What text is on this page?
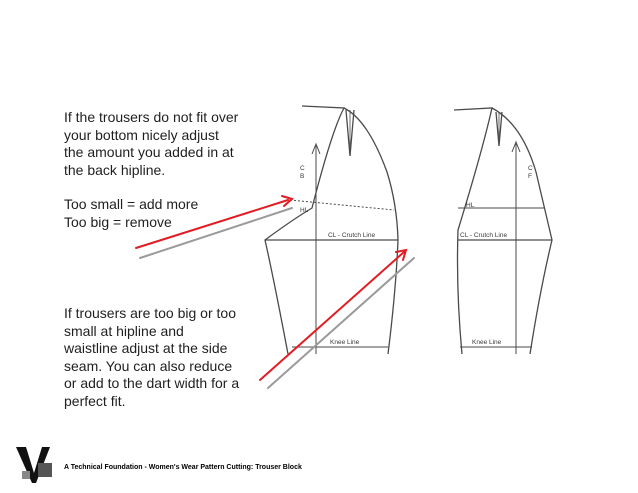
If the trousers do not fit over
your bottom nicely adjust
the amount you added in at
the back hipline.
Too small = add more
Too big = remove
If trousers are too big or too
small at hipline and
waistline adjust at the side
seam. You can also reduce
or add to the dart width for a
perfect fit.
C
B
HL
CL - Crutch Line
Knee Line
C
F
HL
CL - Crutch Line
Knee Line
A Technical Foundation - Women's Wear Pattern Cutting: Trouser Block
